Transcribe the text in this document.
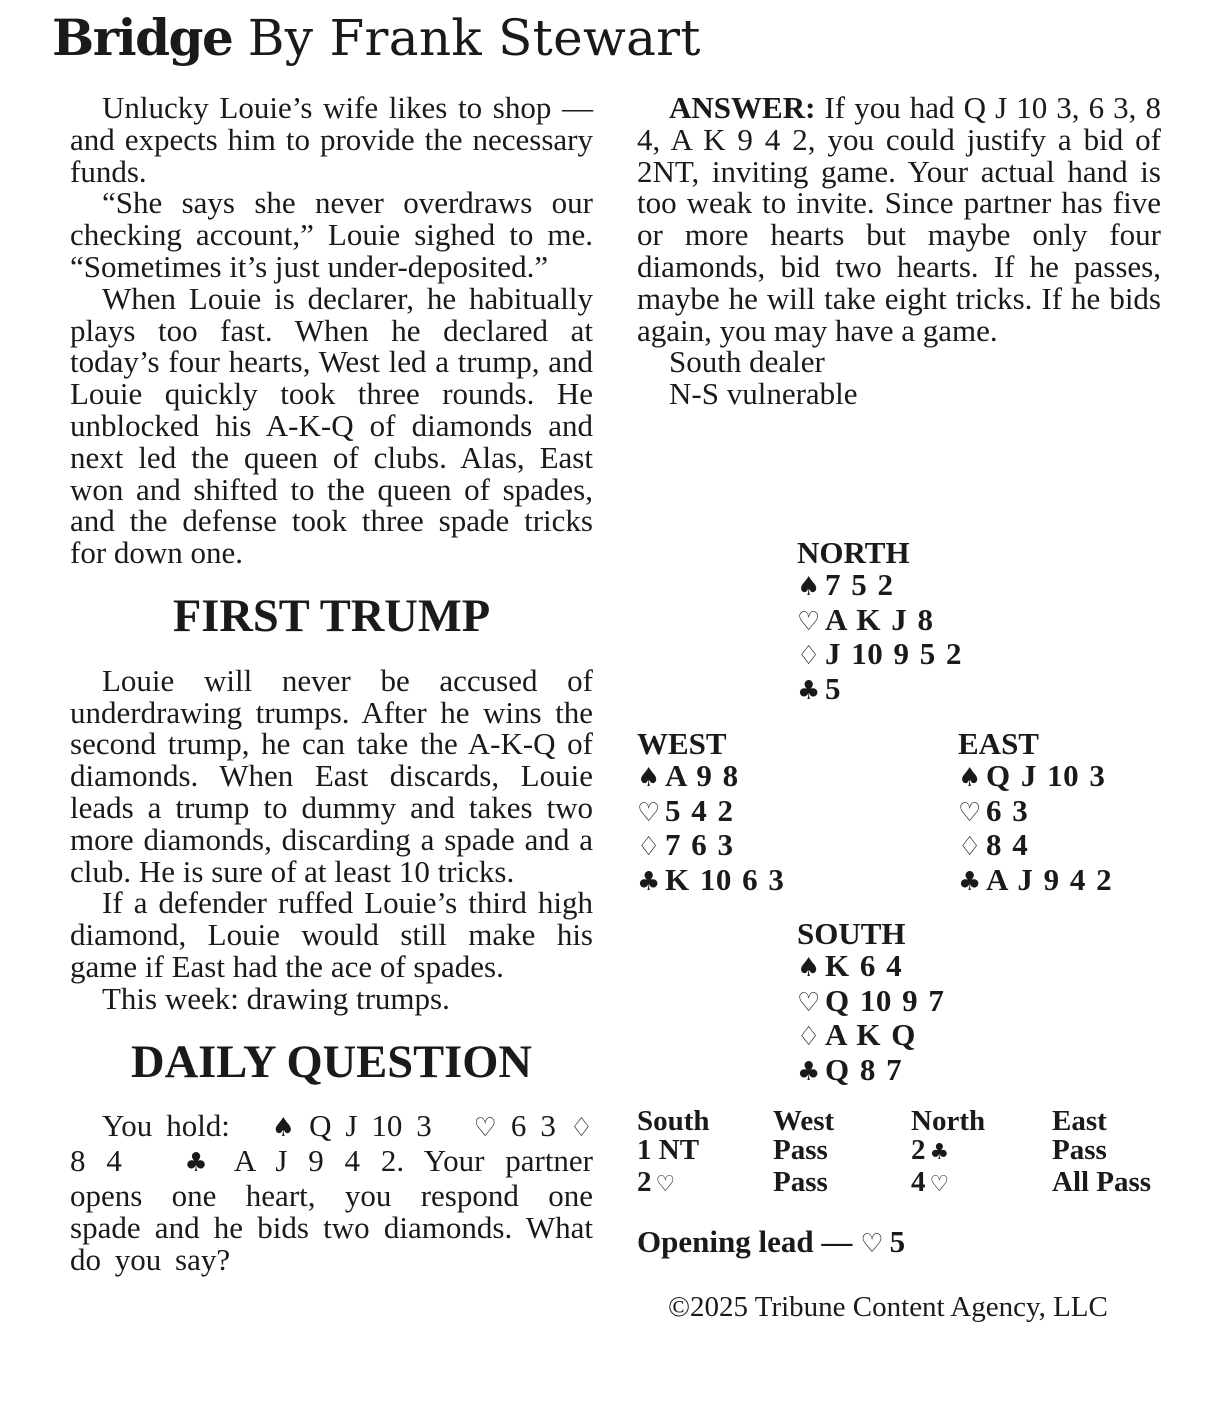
Bridge By Frank Stewart

Unlucky Louie’s wife likes to shop — and expects him to provide the necessary funds.

“She says she never overdraws our checking account,” Louie sighed to me. “Sometimes it’s just under-deposited.”

When Louie is declarer, he habitually plays too fast. When he declared at today’s four hearts, West led a trump, and Louie quickly took three rounds. He unblocked his A-K-Q of diamonds and next led the queen of clubs. Alas, East won and shifted to the queen of spades, and the defense took three spade tricks for down one.

FIRST TRUMP

Louie will never be accused of underdrawing trumps. After he wins the second trump, he can take the A-K-Q of diamonds. When East discards, Louie leads a trump to dummy and takes two more diamonds, discarding a spade and a club. He is sure of at least 10 tricks.

If a defender ruffed Louie’s third high diamond, Louie would still make his game if East had the ace of spades.

This week: drawing trumps.

DAILY QUESTION

You hold: ♠ Q J 10 3 ♡ 6 3 ♢ 8 4 ♣ A J 9 4 2. Your partner opens one heart, you respond one spade and he bids two diamonds. What do you say?

ANSWER: If you had Q J 10 3, 6 3, 8 4, A K 9 4 2, you could justify a bid of 2NT, inviting game. Your actual hand is too weak to invite. Since partner has five or more hearts but maybe only four diamonds, bid two hearts. If he passes, maybe he will take eight tricks. If he bids again, you may have a game.

South dealer

N-S vulnerable

NORTH
♠ 7 5 2
♡ A K J 8
♢ J 10 9 5 2
♣ 5
WEST
♠ A 9 8
♡ 5 4 2
♢ 7 6 3
♣ K 10 6 3
EAST
♠ Q J 10 3
♡ 6 3
♢ 8 4
♣ A J 9 4 2
SOUTH
♠ K 6 4
♡ Q 10 9 7
♢ A K Q
♣ Q 8 7
South	West	North	East
1 NT	Pass	2 ♣	Pass
2 ♡	Pass	4 ♡	All Pass
Opening lead — ♡ 5
©2025 Tribune Content Agency, LLC
